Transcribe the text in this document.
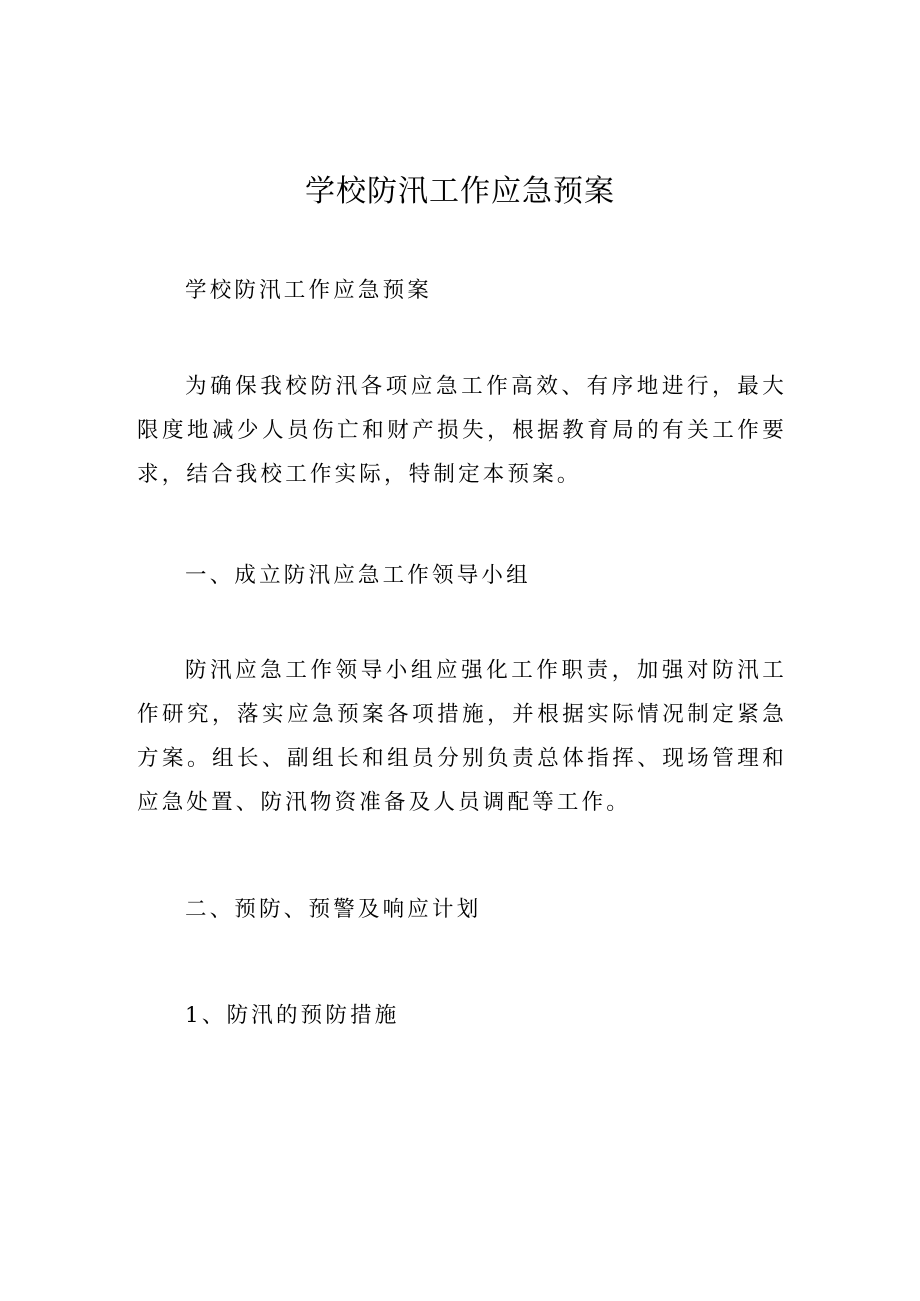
学校防汛工作应急预案
学校防汛工作应急预案
为确保我校防汛各项应急工作高效、有序地进行，最大限度地减少人员伤亡和财产损失，根据教育局的有关工作要求，结合我校工作实际，特制定本预案。
一、成立防汛应急工作领导小组
防汛应急工作领导小组应强化工作职责，加强对防汛工作研究，落实应急预案各项措施，并根据实际情况制定紧急方案。组长、副组长和组员分别负责总体指挥、现场管理和应急处置、防汛物资准备及人员调配等工作。
二、预防、预警及响应计划
1、防汛的预防措施
